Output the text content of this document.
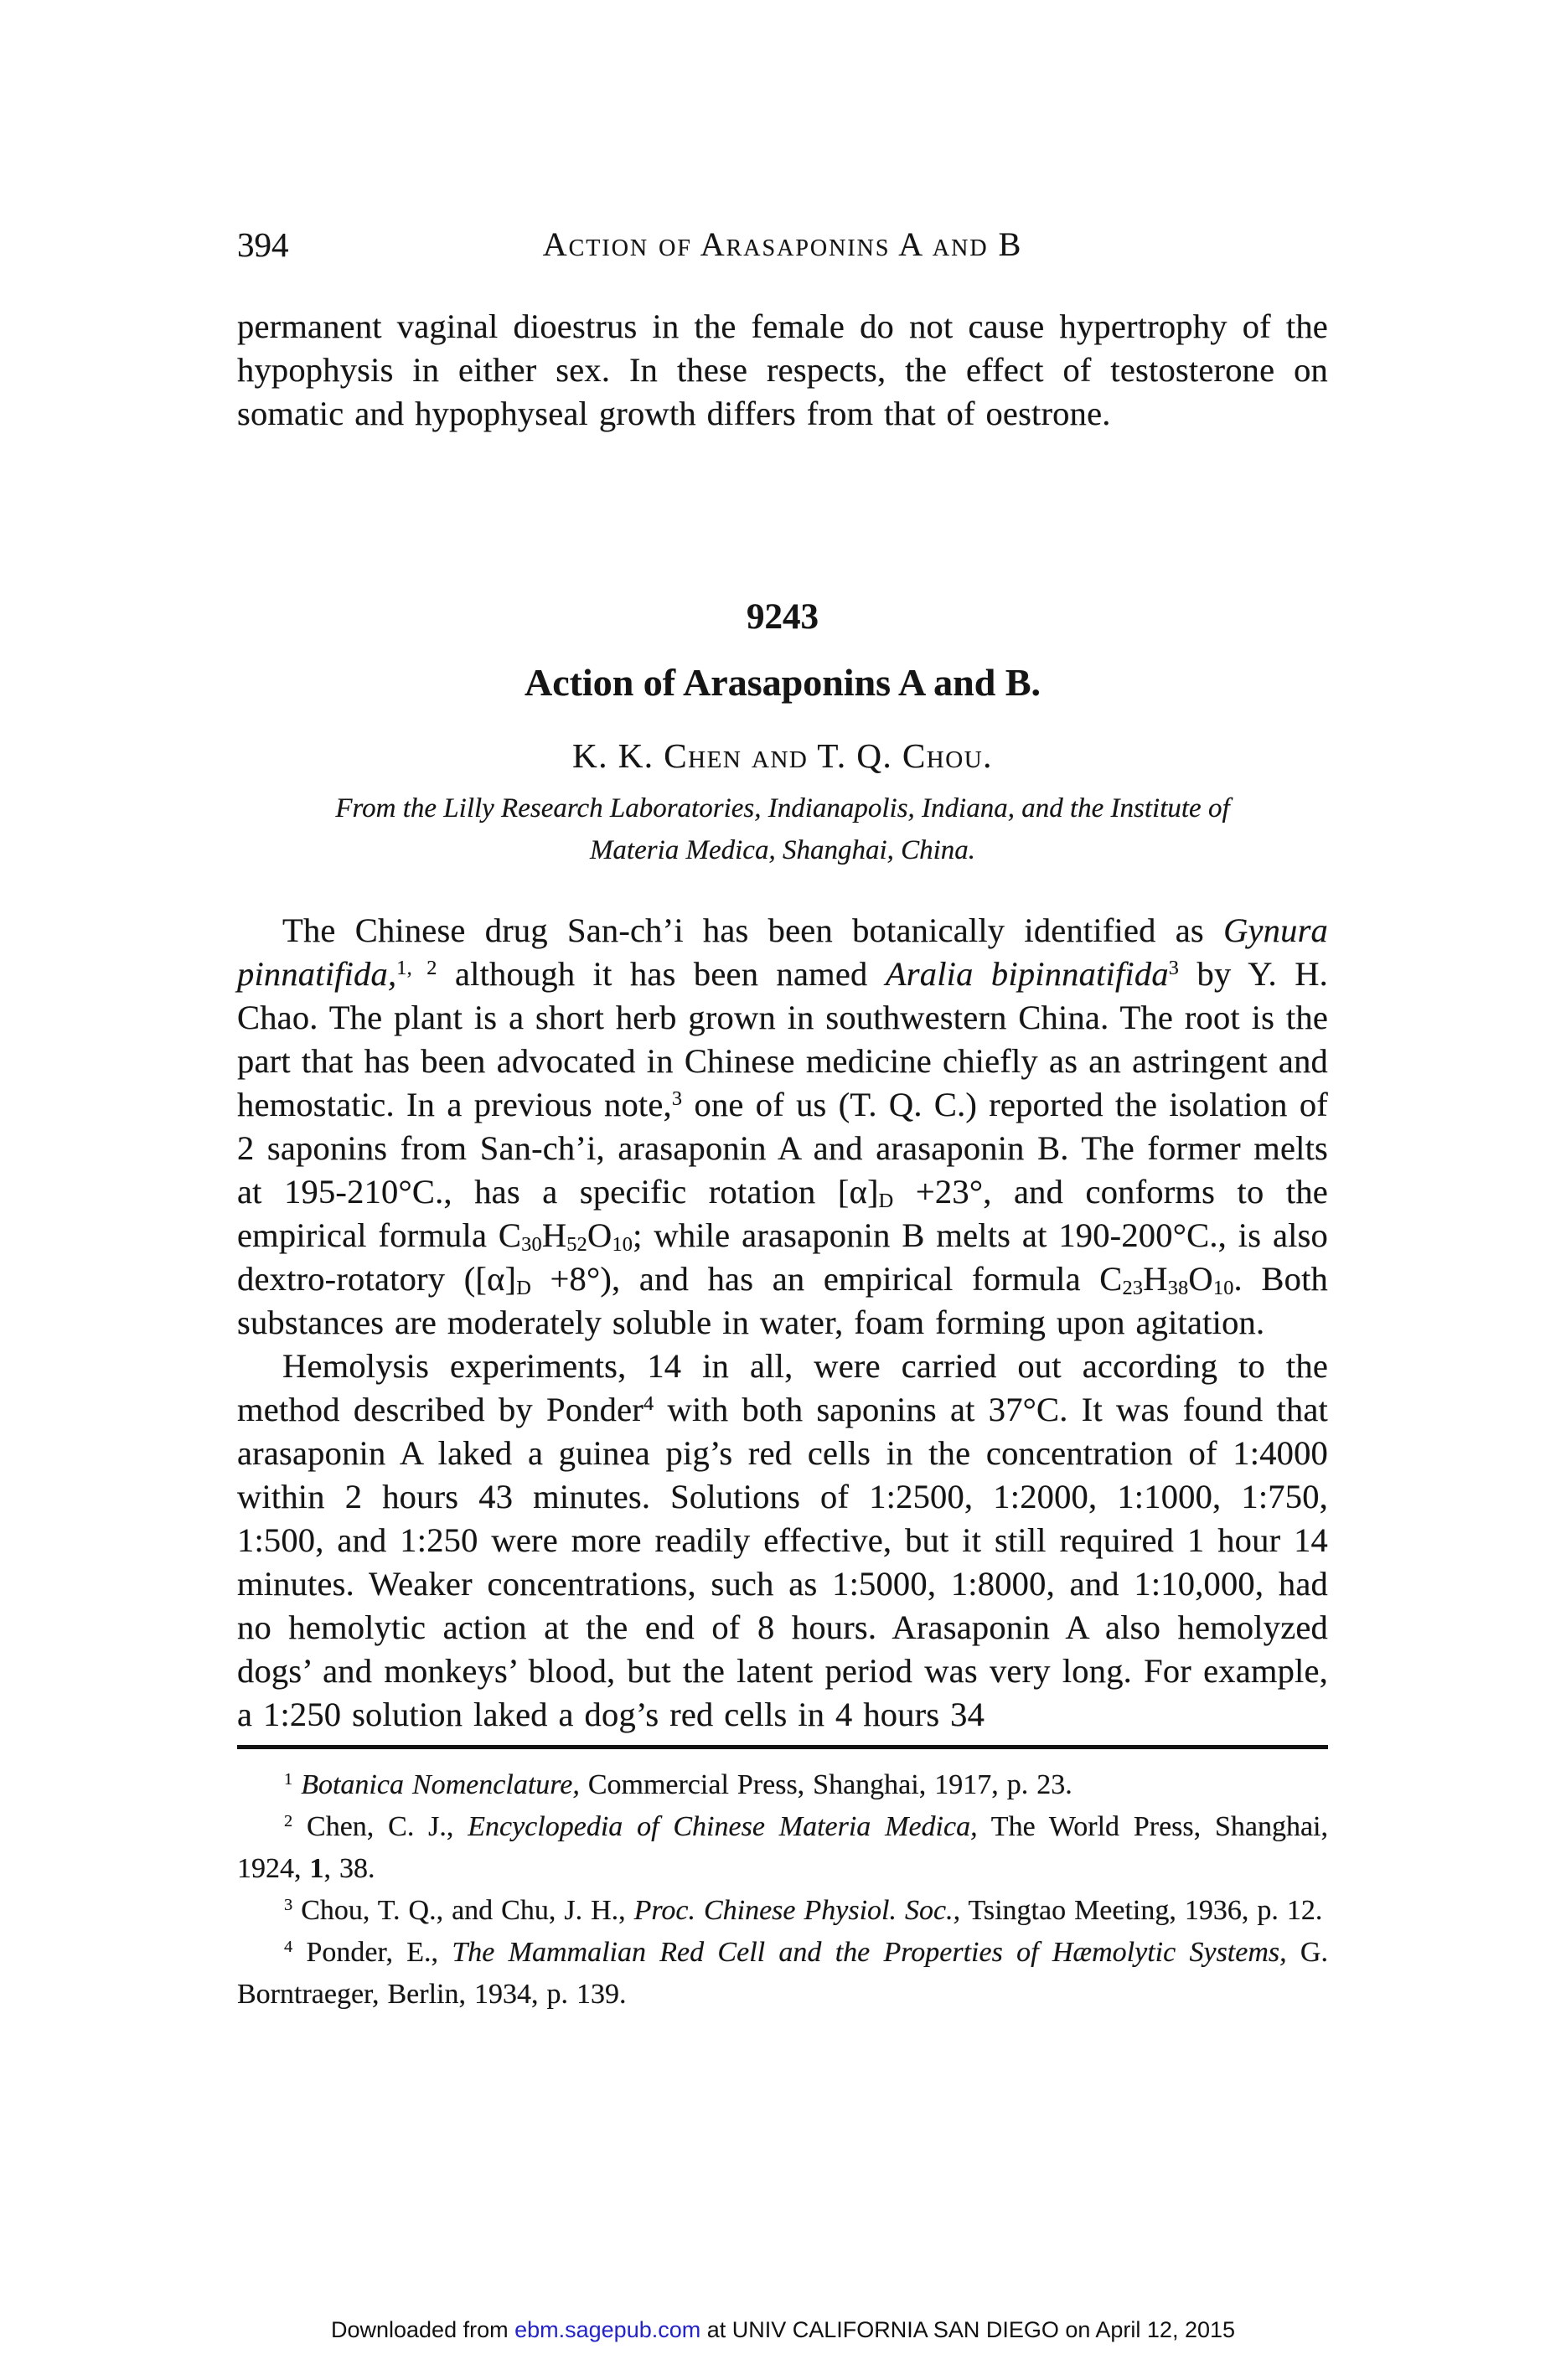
394	Action of Arasaponins A and B

permanent vaginal dioestrus in the female do not cause hypertrophy of the hypophysis in either sex. In these respects, the effect of testosterone on somatic and hypophyseal growth differs from that of oestrone.

9243
Action of Arasaponins A and B.
K. K. Chen and T. Q. Chou.
From the Lilly Research Laboratories, Indianapolis, Indiana, and the Institute of
Materia Medica, Shanghai, China.

The Chinese drug San-ch’i has been botanically identified as Gynura pinnatifida,$^{1, 2}$ although it has been named Aralia bipinnatifida$^3$ by Y. H. Chao. The plant is a short herb grown in southwestern China. The root is the part that has been advocated in Chinese medicine chiefly as an astringent and hemostatic. In a previous note,$^3$ one of us (T. Q. C.) reported the isolation of 2 saponins from San-ch’i, arasaponin A and arasaponin B. The former melts at 195-210°C., has a specific rotation $[\alpha]_D +23^\circ$, and conforms to the empirical formula $C_{30}H_{52}O_{10}$; while arasaponin B melts at 190-200°C., is also dextro-rotatory $([\alpha]_D +8^\circ)$, and has an empirical formula $C_{23}H_{38}O_{10}$. Both substances are moderately soluble in water, foam forming upon agitation.

Hemolysis experiments, 14 in all, were carried out according to the method described by Ponder$^4$ with both saponins at 37°C. It was found that arasaponin A laked a guinea pig’s red cells in the concentration of 1:4000 within 2 hours 43 minutes. Solutions of 1:2500, 1:2000, 1:1000, 1:750, 1:500, and 1:250 were more readily effective, but it still required 1 hour 14 minutes. Weaker concentrations, such as 1:5000, 1:8000, and 1:10,000, had no hemolytic action at the end of 8 hours. Arasaponin A also hemolyzed dogs’ and monkeys’ blood, but the latent period was very long. For example, a 1:250 solution laked a dog’s red cells in 4 hours 34

$^1$ Botanica Nomenclature, Commercial Press, Shanghai, 1917, p. 23.

$^2$ Chen, C. J., Encyclopedia of Chinese Materia Medica, The World Press, Shanghai, 1924, 1, 38.

$^3$ Chou, T. Q., and Chu, J. H., Proc. Chinese Physiol. Soc., Tsingtao Meeting, 1936, p. 12.

$^4$ Ponder, E., The Mammalian Red Cell and the Properties of Hæmolytic Systems, G. Borntraeger, Berlin, 1934, p. 139.

Downloaded from ebm.sagepub.com at UNIV CALIFORNIA SAN DIEGO on April 12, 2015
